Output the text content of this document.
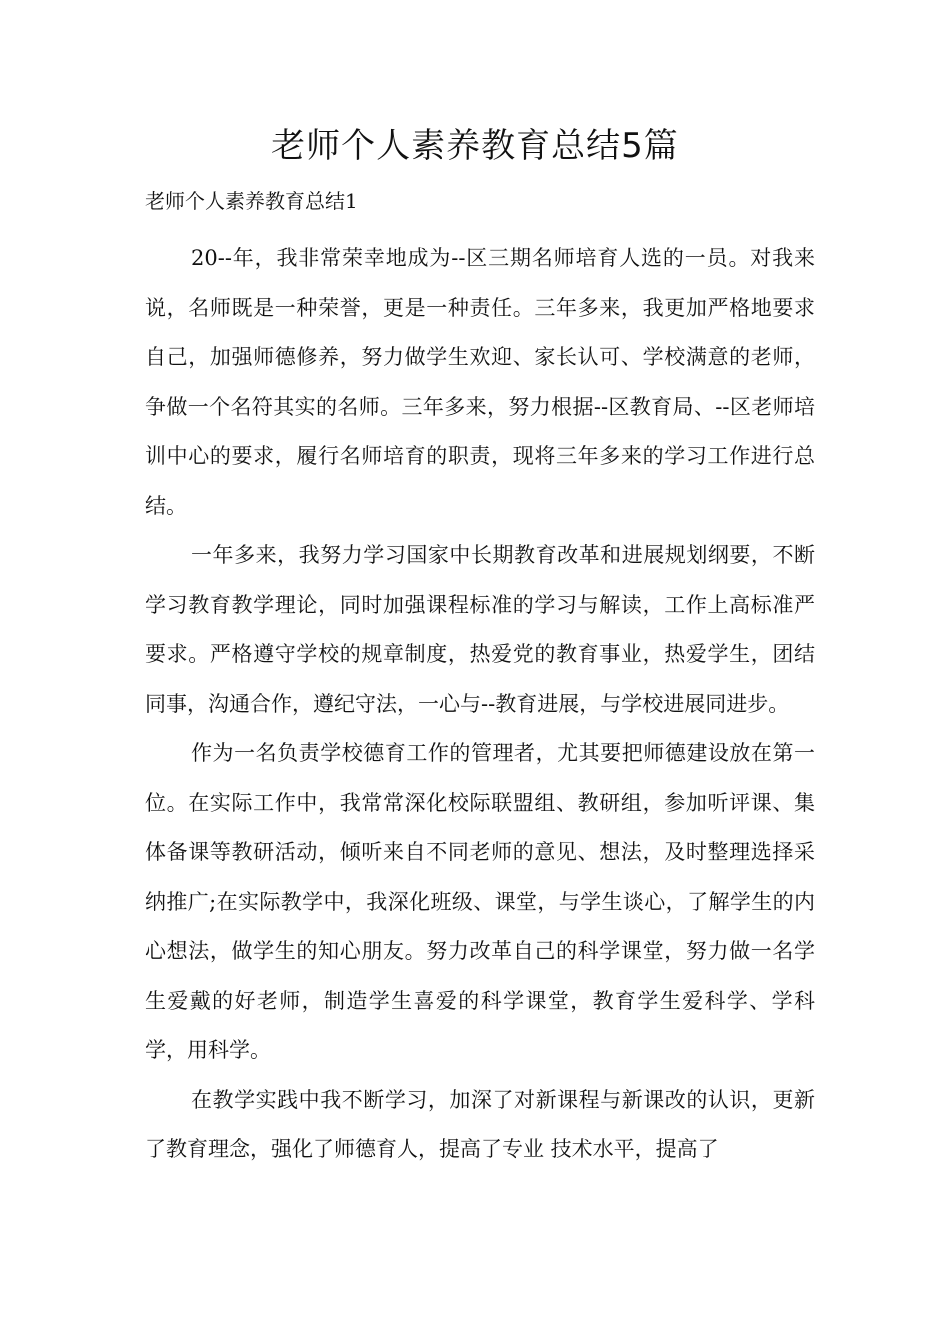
老师个人素养教育总结5篇

老师个人素养教育总结1

20--年，我非常荣幸地成为--区三期名师培育人选的一员。对我来说，名师既是一种荣誉，更是一种责任。三年多来，我更加严格地要求自己，加强师德修养，努力做学生欢迎、家长认可、学校满意的老师，争做一个名符其实的名师。三年多来，努力根据--区教育局、--区老师培训中心的要求，履行名师培育的职责，现将三年多来的学习工作进行总结。

一年多来，我努力学习国家中长期教育改革和进展规划纲要，不断学习教育教学理论，同时加强课程标准的学习与解读，工作上高标准严要求。严格遵守学校的规章制度，热爱党的教育事业，热爱学生，团结同事，沟通合作，遵纪守法，一心与--教育进展，与学校进展同进步。

作为一名负责学校德育工作的管理者，尤其要把师德建设放在第一位。在实际工作中，我常常深化校际联盟组、教研组，参加听评课、集体备课等教研活动，倾听来自不同老师的意见、想法，及时整理选择采纳推广;在实际教学中，我深化班级、课堂，与学生谈心，了解学生的内心想法，做学生的知心朋友。努力改革自己的科学课堂，努力做一名学生爱戴的好老师，制造学生喜爱的科学课堂，教育学生爱科学、学科学，用科学。

在教学实践中我不断学习，加深了对新课程与新课改的认识，更新了教育理念，强化了师德育人，提高了专业 技术水平，提高了
